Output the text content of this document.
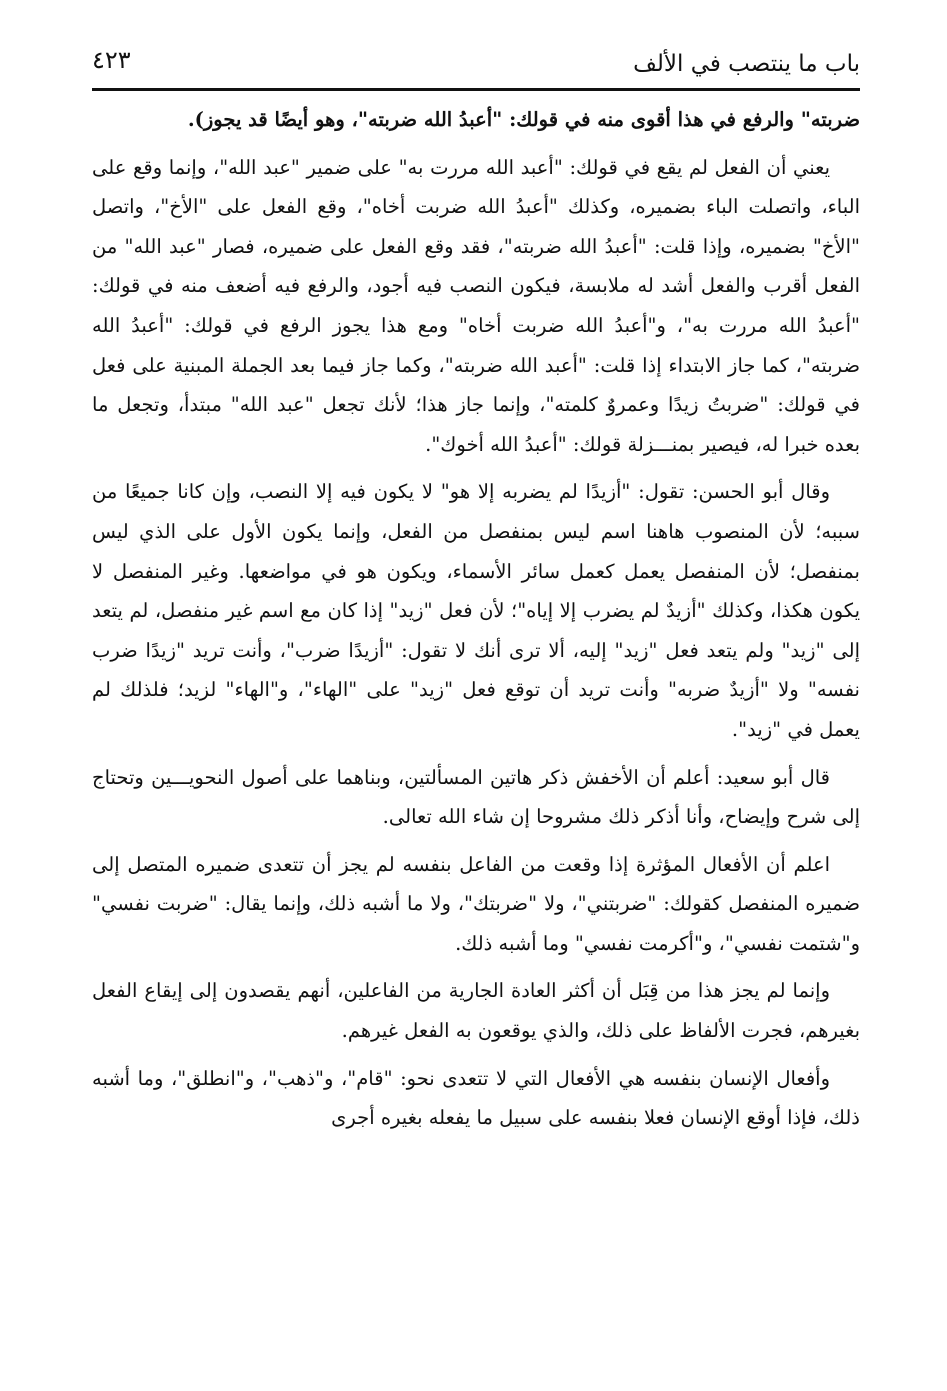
باب ما ينتصب في الألف
٤٢٣

ضربته" والرفع في هذا أقوى منه في قولك: "أعبدُ الله ضربته"، وهو أيضًا قد يجوز).

يعني أن الفعل لم يقع في قولك: "أعبد الله مررت به" على ضمير "عبد الله"، وإنما وقع على الباء، واتصلت الباء بضميره، وكذلك "أعبدُ الله ضربت أخاه"، وقع الفعل على "الأخ"، واتصل "الأخ" بضميره، وإذا قلت: "أعبدُ الله ضربته"، فقد وقع الفعل على ضميره، فصار "عبد الله" من الفعل أقرب والفعل أشد له ملابسة، فيكون النصب فيه أجود، والرفع فيه أضعف منه في قولك: "أعبدُ الله مررت به"، و"أعبدُ الله ضربت أخاه" ومع هذا يجوز الرفع في قولك: "أعبدُ الله ضربته"، كما جاز الابتداء إذا قلت: "أعبد الله ضربته"، وكما جاز فيما بعد الجملة المبنية على فعل في قولك: "ضربتُ زيدًا وعمروٌ كلمته"، وإنما جاز هذا؛ لأنك تجعل "عبد الله" مبتدأ، وتجعل ما بعده خبرا له، فيصير بمنـــزلة قولك: "أعبدُ الله أخوك".

وقال أبو الحسن: تقول: "أزيدًا لم يضربه إلا هو" لا يكون فيه إلا النصب، وإن كانا جميعًا من سببه؛ لأن المنصوب هاهنا اسم ليس بمنفصل من الفعل، وإنما يكون الأول على الذي ليس بمنفصل؛ لأن المنفصل يعمل كعمل سائر الأسماء، ويكون هو في مواضعها. وغير المنفصل لا يكون هكذا، وكذلك "أزيدٌ لم يضرب إلا إياه"؛ لأن فعل "زيد" إذا كان مع اسم غير منفصل، لم يتعد إلى "زيد" ولم يتعد فعل "زيد" إليه، ألا ترى أنك لا تقول: "أزيدًا ضرب"، وأنت تريد "زيدًا ضرب نفسه" ولا "أزيدٌ ضربه" وأنت تريد أن توقع فعل "زيد" على "الهاء"، و"الهاء" لزيد؛ فلذلك لم يعمل في "زيد".

قال أبو سعيد: أعلم أن الأخفش ذكر هاتين المسألتين، وبناهما على أصول النحويـــين وتحتاج إلى شرح وإيضاح، وأنا أذكر ذلك مشروحا إن شاء الله تعالى.

اعلم أن الأفعال المؤثرة إذا وقعت من الفاعل بنفسه لم يجز أن تتعدى ضميره المتصل إلى ضميره المنفصل كقولك: "ضربتني"، ولا "ضربتك"، ولا ما أشبه ذلك، وإنما يقال: "ضربت نفسي" و"شتمت نفسي"، و"أكرمت نفسي" وما أشبه ذلك.

وإنما لم يجز هذا من قِبَل أن أكثر العادة الجارية من الفاعلين، أنهم يقصدون إلى إيقاع الفعل بغيرهم، فجرت الألفاظ على ذلك، والذي يوقعون به الفعل غيرهم.

وأفعال الإنسان بنفسه هي الأفعال التي لا تتعدى نحو: "قام"، و"ذهب"، و"انطلق"، وما أشبه ذلك، فإذا أوقع الإنسان فعلا بنفسه على سبيل ما يفعله بغيره أجرى
